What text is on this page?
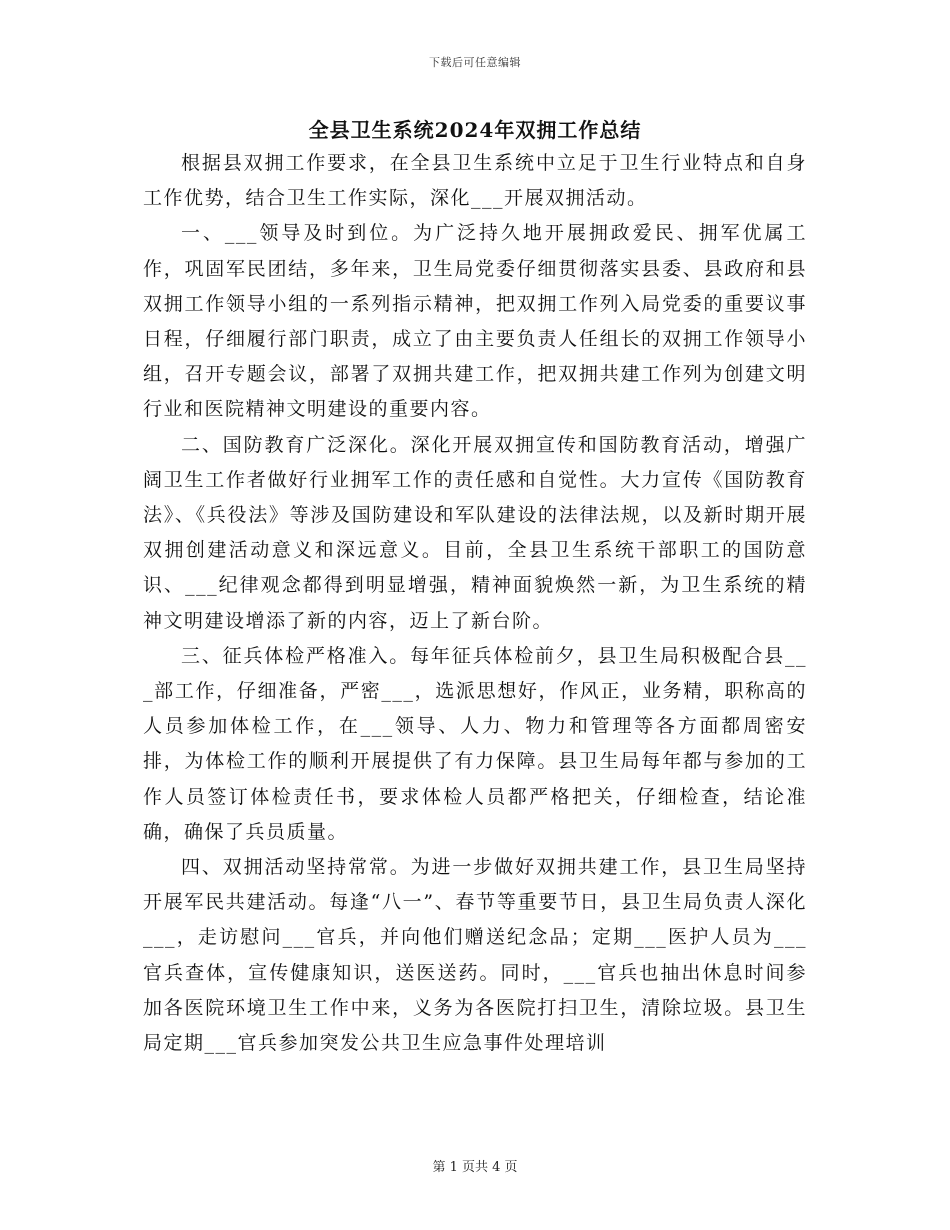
下载后可任意编辑
全县卫生系统2024年双拥工作总结

根据县双拥工作要求，在全县卫生系统中立足于卫生行业特点和自身工作优势，结合卫生工作实际，深化___开展双拥活动。

一、___领导及时到位。为广泛持久地开展拥政爱民、拥军优属工作，巩固军民团结，多年来，卫生局党委仔细贯彻落实县委、县政府和县双拥工作领导小组的一系列指示精神，把双拥工作列入局党委的重要议事日程，仔细履行部门职责，成立了由主要负责人任组长的双拥工作领导小组，召开专题会议，部署了双拥共建工作，把双拥共建工作列为创建文明行业和医院精神文明建设的重要内容。

二、国防教育广泛深化。深化开展双拥宣传和国防教育活动，增强广阔卫生工作者做好行业拥军工作的责任感和自觉性。大力宣传《国防教育法》、《兵役法》等涉及国防建设和军队建设的法律法规，以及新时期开展双拥创建活动意义和深远意义。目前，全县卫生系统干部职工的国防意识、___纪律观念都得到明显增强，精神面貌焕然一新，为卫生系统的精神文明建设增添了新的内容，迈上了新台阶。

三、征兵体检严格准入。每年征兵体检前夕，县卫生局积极配合县___部工作，仔细准备，严密___，选派思想好，作风正，业务精，职称高的人员参加体检工作，在___领导、人力、物力和管理等各方面都周密安排，为体检工作的顺利开展提供了有力保障。县卫生局每年都与参加的工作人员签订体检责任书，要求体检人员都严格把关，仔细检查，结论准确，确保了兵员质量。

四、双拥活动坚持常常。为进一步做好双拥共建工作，县卫生局坚持开展军民共建活动。每逢“八一”、春节等重要节日，县卫生局负责人深化___，走访慰问___官兵，并向他们赠送纪念品；定期___医护人员为___官兵查体，宣传健康知识，送医送药。同时，___官兵也抽出休息时间参加各医院环境卫生工作中来，义务为各医院打扫卫生，清除垃圾。县卫生局定期___官兵参加突发公共卫生应急事件处理培训

第 1 页共 4 页
